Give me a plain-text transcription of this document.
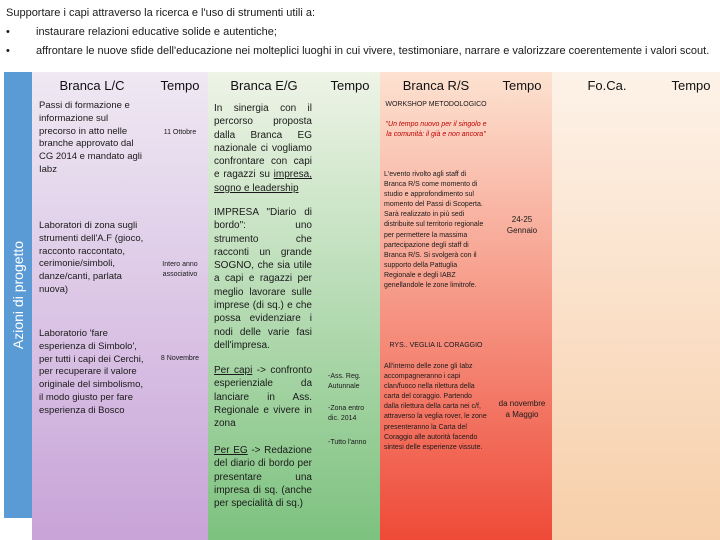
Supportare i capi attraverso la ricerca e l'uso di strumenti utili a:
• instaurare relazioni educative solide e autentiche;
• affrontare le nuove sfide dell'educazione nei molteplici luoghi in cui vivere, testimoniare, narrare e valorizzare coerentemente i valori scout.
Azioni di progetto
Branca L/C
Passi di formazione e informazione sul precorso in atto nelle branche approvato dal CG 2014 e mandato agli Iabz
Laboratori di zona sugli strumenti dell'A.F (gioco, racconto raccontato, cerimonie/simboli, danze/canti, parlata nuova)
Laboratorio 'fare esperienza di Simbolo', per tutti i capi dei Cerchi, per recuperare il valore originale del simbolismo, il modo giusto per fare esperienza di Bosco
Tempo
11 Ottobre
Intero anno associativo
8 Novembre
Branca E/G
In sinergia con il percorso proposta dalla Branca EG nazionale ci vogliamo confrontare con capi e ragazzi su impresa, sogno e leadership
IMPRESA "Diario di bordo": uno strumento che racconti un grande SOGNO, che sia utile a capi e ragazzi per meglio lavorare sulle imprese (di sq.) e che possa evidenziare i nodi delle varie fasi dell'impresa.
Per capi -> confronto esperienziale da lanciare in Ass. Regionale e vivere in zona
Per EG -> Redazione del diario di bordo per presentare una impresa di sq. (anche per specialità di sq.)
Tempo
-Ass. Reg. Autunnale
-Zona entro dic. 2014
-Tutto l'anno
Branca R/S
WORKSHOP METODOLOGICO
"Un tempo nuovo per il singolo e la comunità: il già e non ancora"
L'evento rivolto agli staff di Branca R/S come momento di studio e approfondimento sul momento del Passi di Scoperta. Sarà realizzato in più sedi distribuite sul territorio regionale per permettere la massima partecipazione degli staff di Branca R/S. Si svolgerà con il supporto della Pattuglia Regionale e degli IABZ genellandole le zone limitrofe.
RYS.. VEGLIA IL CORAGGIO
All'interno delle zone gli Iabz accompagneranno i capi clan/fuoco nella rilettura della carta del coraggio. Partendo dalla rilettura della carta nei c/f, attraverso la veglia rover, le zone presenteranno la Carta del Coraggio alle autorità facendo sintesi delle esperienze vissute.
Tempo
24-25 Gennaio
da novembre a Maggio
Fo.Ca.	Tempo
